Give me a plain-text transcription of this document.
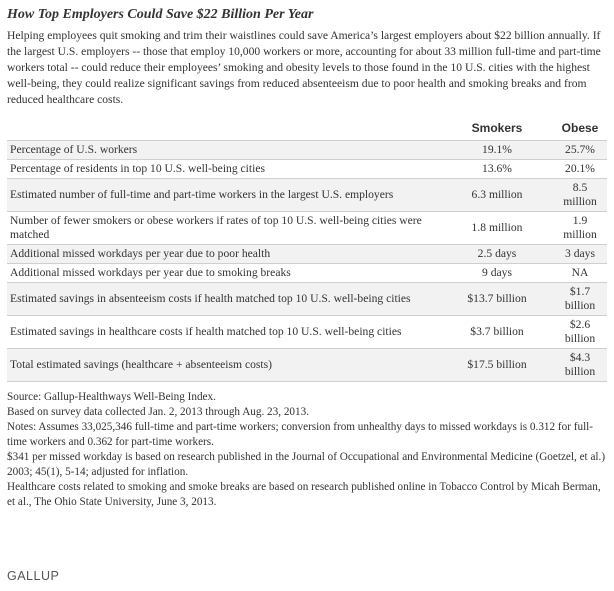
How Top Employers Could Save $22 Billion Per Year

Helping employees quit smoking and trim their waistlines could save America’s largest employers about $22 billion annually. If the largest U.S. employers -- those that employ 10,000 workers or more, accounting for about 33 million full-time and part-time workers total -- could reduce their employees’ smoking and obesity levels to those found in the 10 U.S. cities with the highest well-being, they could realize significant savings from reduced absenteeism due to poor health and smoking breaks and from reduced healthcare costs.

	Smokers	Obese
Percentage of U.S. workers	19.1%	25.7%
Percentage of residents in top 10 U.S. well-being cities	13.6%	20.1%
Estimated number of full-time and part-time workers in the largest U.S. employers	6.3 million	8.5 million
Number of fewer smokers or obese workers if rates of top 10 U.S. well-being cities were matched	1.8 million	1.9 million
Additional missed workdays per year due to poor health	2.5 days	3 days
Additional missed workdays per year due to smoking breaks	9 days	NA
Estimated savings in absenteeism costs if health matched top 10 U.S. well-being cities	$13.7 billion	$1.7 billion
Estimated savings in healthcare costs if health matched top 10 U.S. well-being cities	$3.7 billion	$2.6 billion
Total estimated savings (healthcare + absenteeism costs)	$17.5 billion	$4.3 billion

Source: Gallup-Healthways Well-Being Index.

Based on survey data collected Jan. 2, 2013 through Aug. 23, 2013.

Notes: Assumes 33,025,346 full-time and part-time workers; conversion from unhealthy days to missed workdays is 0.312 for full-time workers and 0.362 for part-time workers.

$341 per missed workday is based on research published in the Journal of Occupational and Environmental Medicine (Goetzel, et al.) 2003; 45(1), 5-14; adjusted for inflation.

Healthcare costs related to smoking and smoke breaks are based on research published online in Tobacco Control by Micah Berman, et al., The Ohio State University, June 3, 2013.

GALLUP
